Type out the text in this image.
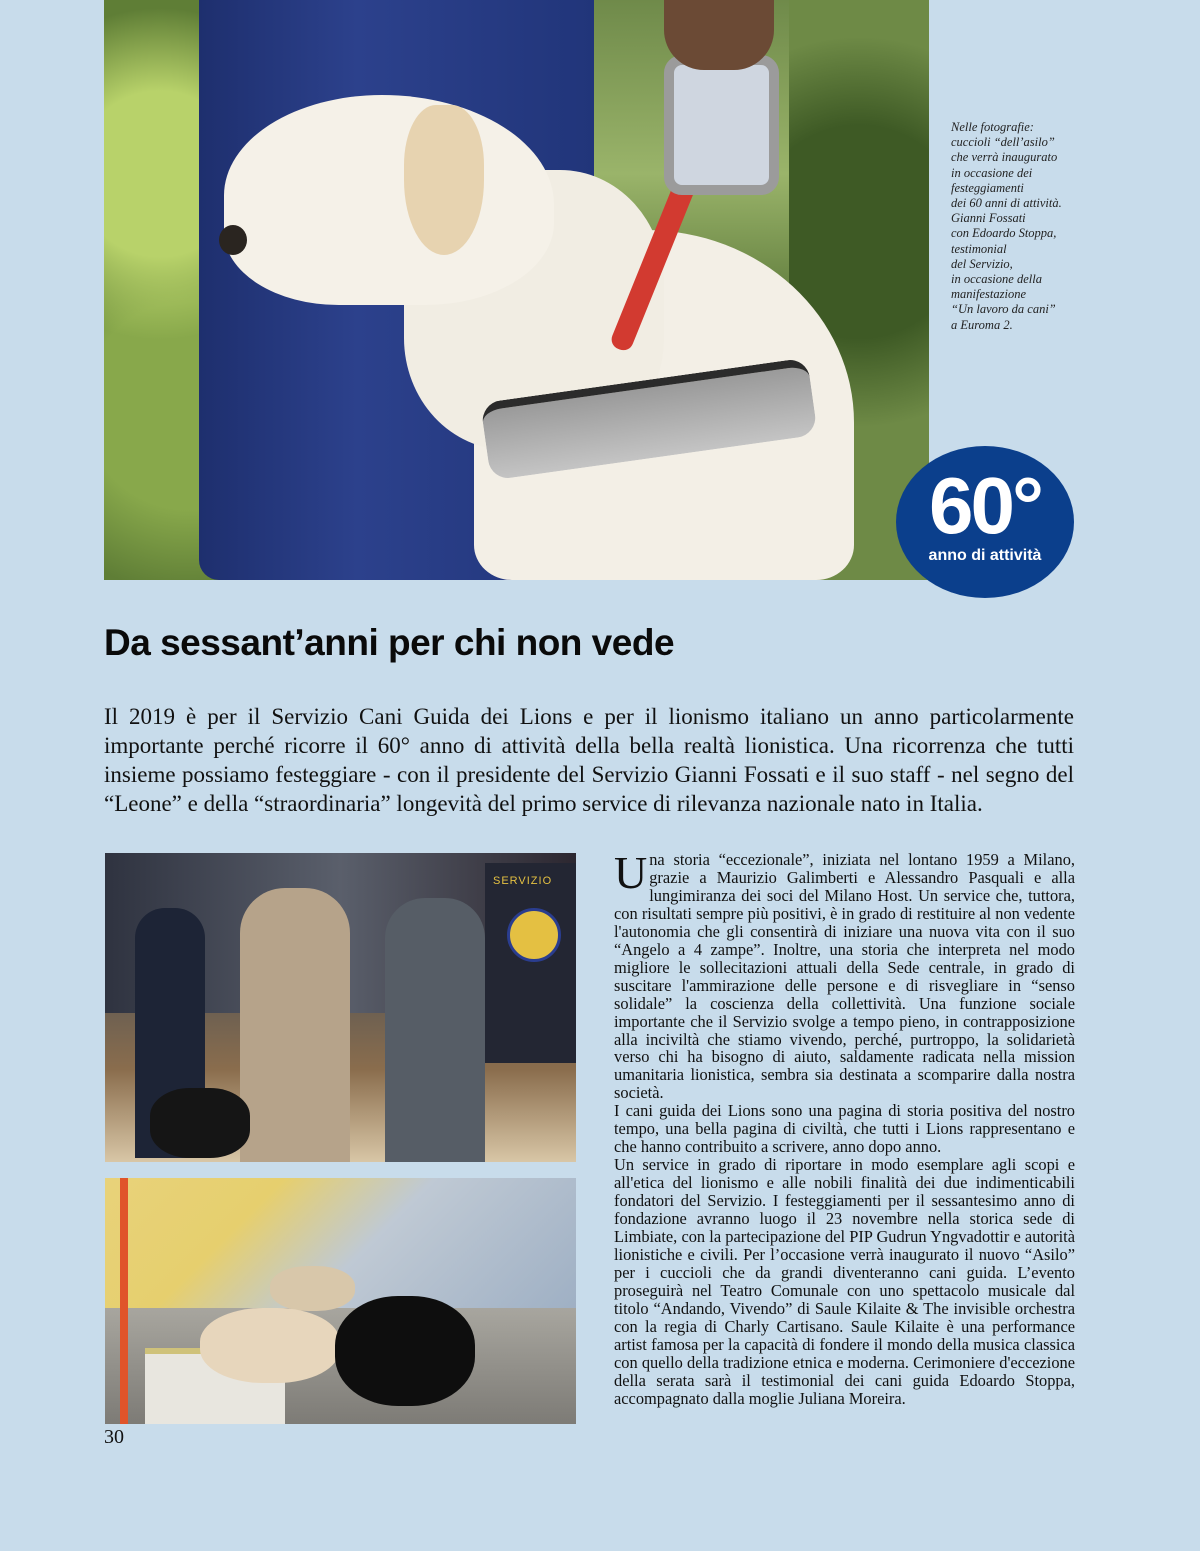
Nelle fotografie:
cuccioli “dell’asilo”
che verrà inaugurato
in occasione dei
festeggiamenti
dei 60 anni di attività.
Gianni Fossati
con Edoardo Stoppa,
testimonial
del Servizio,
in occasione della
manifestazione
“Un lavoro da cani”
a Euroma 2.

60°
anno di attività
Da sessant’anni per chi non vede

Il 2019 è per il Servizio Cani Guida dei Lions e per il lionismo italiano un anno particolarmente importante perché ricorre il 60° anno di attività della bella realtà lionistica. Una ricorrenza che tutti insieme possiamo festeggiare - con il presidente del Servizio Gianni Fossati e il suo staff - nel segno del “Leone” e della “straordinaria” longevità del primo service di rilevanza nazionale nato in Italia.

SERVIZIO Una storia “eccezionale”, iniziata nel lontano 1959 a Milano, grazie a Maurizio Galimberti e Alessandro Pasquali e alla lungimiranza dei soci del Milano Host. Un service che, tuttora, con risultati sempre più positivi, è in grado di restituire al non vedente l'autonomia che gli consentirà di iniziare una nuova vita con il suo “Angelo a 4 zampe”. Inoltre, una storia che interpreta nel modo migliore le sollecitazioni attuali della Sede centrale, in grado di suscitare l'ammirazione delle persone e di risvegliare in “senso solidale” la coscienza della collettività. Una funzione sociale importante che il Servizio svolge a tempo pieno, in contrapposizione alla inciviltà che stiamo vivendo, perché, purtroppo, la solidarietà verso chi ha bisogno di aiuto, saldamente radicata nella mission umanitaria lionistica, sembra sia destinata a scomparire dalla nostra società.

I cani guida dei Lions sono una pagina di storia positiva del nostro tempo, una bella pagina di civiltà, che tutti i Lions rappresentano e che hanno contribuito a scrivere, anno dopo anno.

Un service in grado di riportare in modo esemplare agli scopi e all'etica del lionismo e alle nobili finalità dei due indimenticabili fondatori del Servizio. I festeggiamenti per il sessantesimo anno di fondazione avranno luogo il 23 novembre nella storica sede di Limbiate, con la partecipazione del PIP Gudrun Yngvadottir e autorità lionistiche e civili. Per l’occasione verrà inaugurato il nuovo “Asilo” per i cuccioli che da grandi diventeranno cani guida. L’evento proseguirà nel Teatro Comunale con uno spettacolo musicale dal titolo “Andando, Vivendo” di Saule Kilaite & The invisible orchestra con la regia di Charly Cartisano. Saule Kilaite è una performance artist famosa per la capacità di fondere il mondo della musica classica con quello della tradizione etnica e moderna. Cerimoniere d'eccezione della serata sarà il testimonial dei cani guida Edoardo Stoppa, accompagnato dalla moglie Juliana Moreira.

30
